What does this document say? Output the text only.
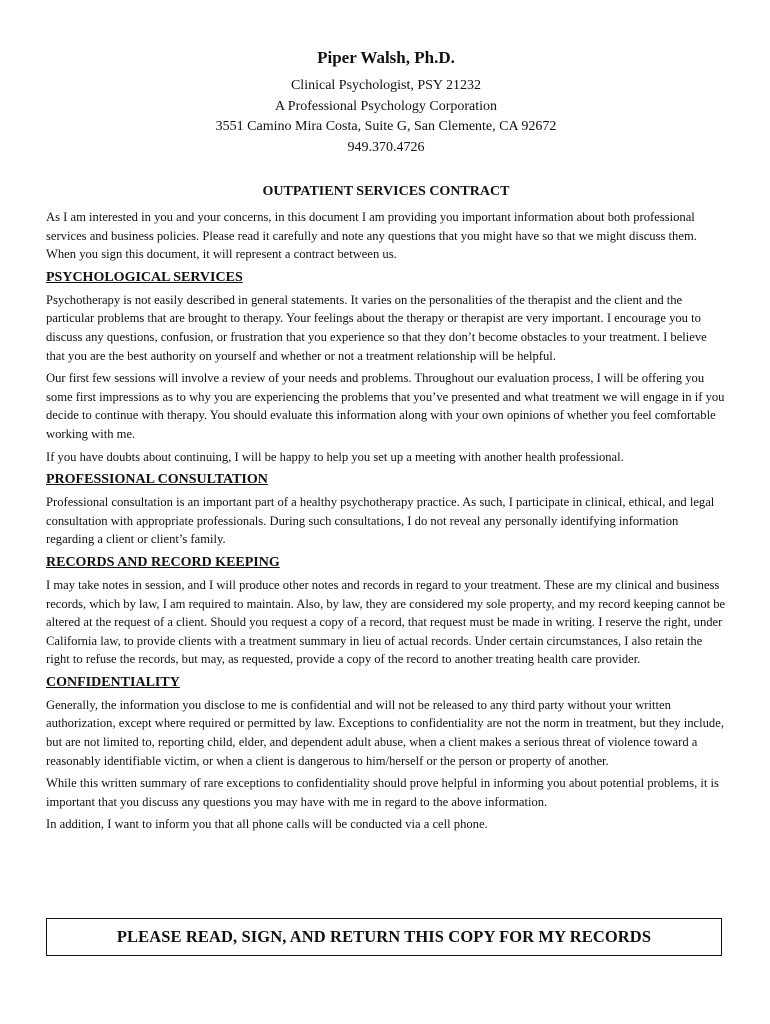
Piper Walsh, Ph.D.

Clinical Psychologist, PSY 21232

A Professional Psychology Corporation

3551 Camino Mira Costa, Suite G, San Clemente, CA 92672

949.370.4726

OUTPATIENT SERVICES CONTRACT

As I am interested in you and your concerns, in this document I am providing you important information about both professional services and business policies. Please read it carefully and note any questions that you might have so that we might discuss them. When you sign this document, it will represent a contract between us.

PSYCHOLOGICAL SERVICES

Psychotherapy is not easily described in general statements. It varies on the personalities of the therapist and the client and the particular problems that are brought to therapy. Your feelings about the therapy or therapist are very important. I encourage you to discuss any questions, confusion, or frustration that you experience so that they don’t become obstacles to your treatment. I believe that you are the best authority on yourself and whether or not a treatment relationship will be helpful.

Our first few sessions will involve a review of your needs and problems. Throughout our evaluation process, I will be offering you some first impressions as to why you are experiencing the problems that you’ve presented and what treatment we will engage in if you decide to continue with therapy. You should evaluate this information along with your own opinions of whether you feel comfortable working with me.

If you have doubts about continuing, I will be happy to help you set up a meeting with another health professional.

PROFESSIONAL CONSULTATION

Professional consultation is an important part of a healthy psychotherapy practice. As such, I participate in clinical, ethical, and legal consultation with appropriate professionals. During such consultations, I do not reveal any personally identifying information regarding a client or client’s family.

RECORDS AND RECORD KEEPING

I may take notes in session, and I will produce other notes and records in regard to your treatment. These are my clinical and business records, which by law, I am required to maintain. Also, by law, they are considered my sole property, and my record keeping cannot be altered at the request of a client. Should you request a copy of a record, that request must be made in writing. I reserve the right, under California law, to provide clients with a treatment summary in lieu of actual records. Under certain circumstances, I also retain the right to refuse the records, but may, as requested, provide a copy of the record to another treating health care provider.

CONFIDENTIALITY

Generally, the information you disclose to me is confidential and will not be released to any third party without your written authorization, except where required or permitted by law. Exceptions to confidentiality are not the norm in treatment, but they include, but are not limited to, reporting child, elder, and dependent adult abuse, when a client makes a serious threat of violence toward a reasonably identifiable victim, or when a client is dangerous to him/herself or the person or property of another.

While this written summary of rare exceptions to confidentiality should prove helpful in informing you about potential problems, it is important that you discuss any questions you may have with me in regard to the above information.

In addition, I want to inform you that all phone calls will be conducted via a cell phone.

PLEASE READ, SIGN, AND RETURN THIS COPY FOR MY RECORDS
